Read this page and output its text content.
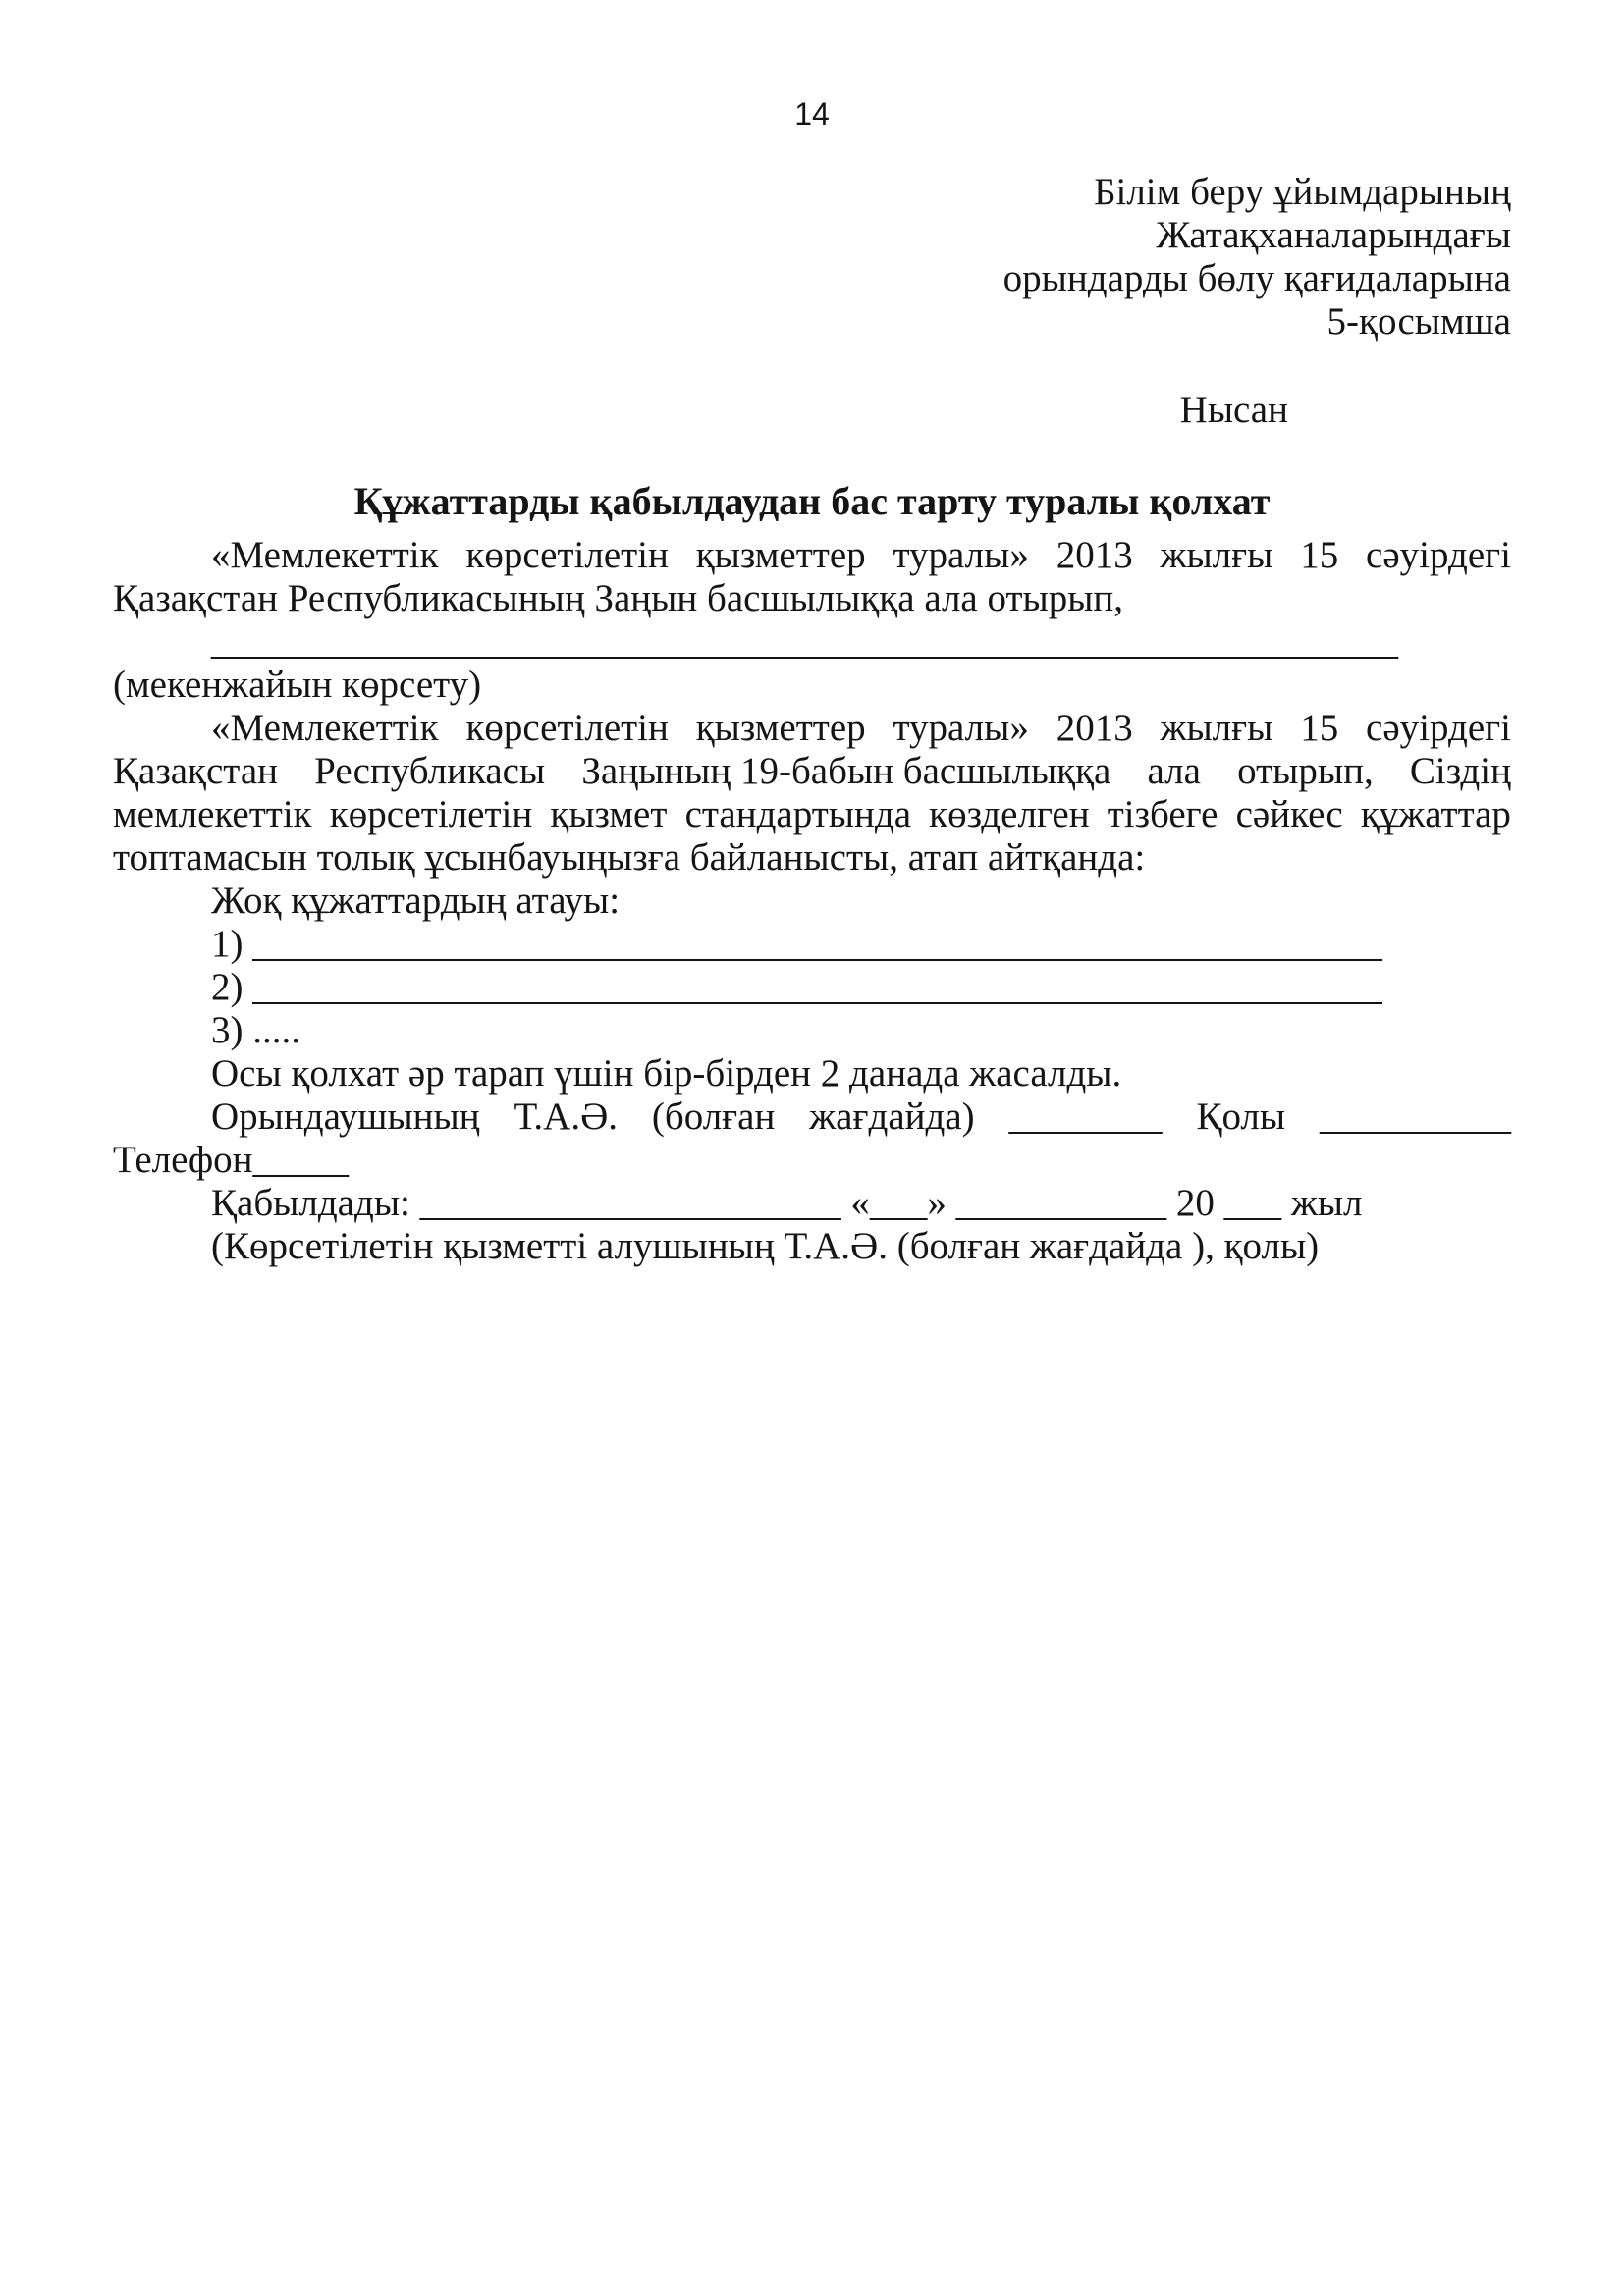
14
Білім беру ұйымдарының
Жатақханаларындағы
орындарды бөлу қағидаларына
5-қосымша
Нысан
Құжаттарды қабылдаудан бас тарту туралы қолхат
«Мемлекеттік көрсетілетін қызметтер туралы» 2013 жылғы 15 сәуірдегі
Қазақстан Республикасының Заңын басшылыққа ала отырып,
______________________________________________________________
(мекенжайын көрсету)
«Мемлекеттік көрсетілетін қызметтер туралы» 2013 жылғы 15 сәуірдегі
Қазақстан Республикасы Заңының 19-бабын басшылыққа ала отырып, Сіздің
мемлекеттік көрсетілетін қызмет стандартында көзделген тізбеге сәйкес құжаттар
топтамасын толық ұсынбауыңызға байланысты, атап айтқанда:
Жоқ құжаттардың атауы:
1) ___________________________________________________________
2) ___________________________________________________________
3) .....
Осы қолхат әр тарап үшін бір-бірден 2 данада жасалды.
Орындаушының Т.А.Ә. (болған жағдайда) ________ Қолы __________
Телефон_____
Қабылдады: ______________________ «___» ___________ 20 ___ жыл
(Көрсетілетін қызметті алушының Т.А.Ә. (болған жағдайда ), қолы)
